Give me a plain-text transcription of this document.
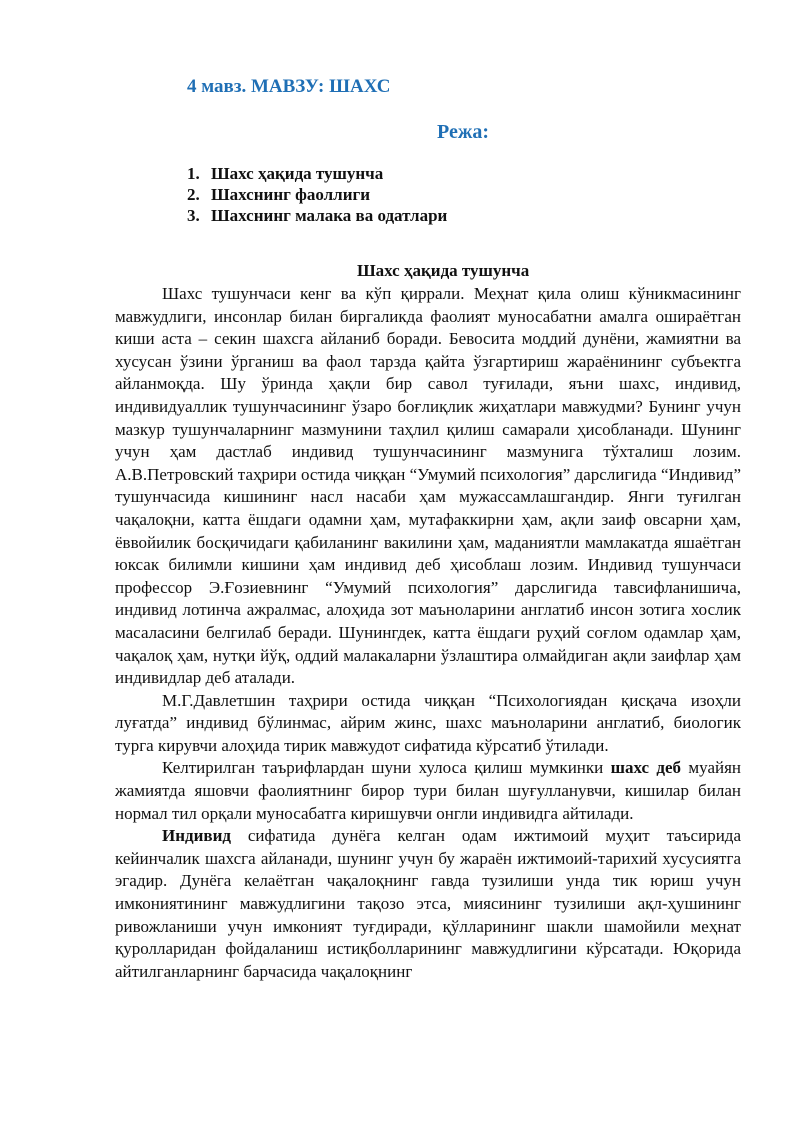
4 мавз. МАВЗУ: ШАХС
Режа:
1. Шахс ҳақида тушунча
2. Шахснинг фаоллиги
3. Шахснинг малака ва одатлари
Шахс ҳақида тушунча

Шахс тушунчаси кенг ва кўп қиррали. Меҳнат қила олиш кўникмасининг мавжудлиги, инсонлар билан биргаликда фаолият муносабатни амалга ошираётган киши аста – секин шахсга айланиб боради. Бевосита моддий дунёни, жамиятни ва хусусан ўзини ўрганиш ва фаол тарзда қайта ўзгартириш жараёнининг субъектга айланмоқда. Шу ўринда ҳақли бир савол туғилади, яъни шахс, индивид, индивидуаллик тушунчасининг ўзаро боғлиқлик жиҳатлари мавжудми? Бунинг учун мазкур тушунчаларнинг мазмунини таҳлил қилиш самарали ҳисобланади. Шунинг учун ҳам дастлаб индивид тушунчасининг мазмунига тўхталиш лозим. А.В.Петровский таҳрири остида чиққан “Умумий психология” дарслигида “Индивид” тушунчасида кишининг насл насаби ҳам мужассамлашгандир. Янги туғилган чақалоқни, катта ёшдаги одамни ҳам, мутафаккирни ҳам, ақли заиф овсарни ҳам, ёввойилик босқичидаги қабиланинг вакилини ҳам, маданиятли мамлакатда яшаётган юксак билимли кишини ҳам индивид деб ҳисоблаш лозим. Индивид тушунчаси профессор Э.Ғозиевнинг “Умумий психология” дарслигида тавсифланишича, индивид лотинча ажралмас, алоҳида зот маъноларини англатиб инсон зотига хослик масаласини белгилаб беради. Шунингдек, катта ёшдаги руҳий соғлом одамлар ҳам, чақалоқ ҳам, нутқи йўқ, оддий малакаларни ўзлаштира олмайдиган ақли заифлар ҳам индивидлар деб аталади.

М.Г.Давлетшин таҳрири остида чиққан “Психологиядан қисқача изоҳли луғатда” индивид бўлинмас, айрим жинс, шахс маъноларини англатиб, биологик турга кирувчи алоҳида тирик мавжудот сифатида кўрсатиб ўтилади.

Келтирилган таърифлардан шуни хулоса қилиш мумкинки шахс деб муайян жамиятда яшовчи фаолиятнинг бирор тури билан шуғулланувчи, кишилар билан нормал тил орқали муносабатга киришувчи онгли индивидга айтилади.

Индивид сифатида дунёга келган одам ижтимоий муҳит таъсирида кейинчалик шахсга айланади, шунинг учун бу жараён ижтимоий-тарихий хусусиятга эгадир. Дунёга келаётган чақалоқнинг гавда тузилиши унда тик юриш учун имкониятининг мавжудлигини тақозо этса, миясининг тузилиши ақл-ҳушининг ривожланиши учун имконият туғдиради, қўлларининг шакли шамойили меҳнат қуролларидан фойдаланиш истиқболларининг мавжудлигини кўрсатади. Юқорида айтилганларнинг барчасида чақалоқнинг
